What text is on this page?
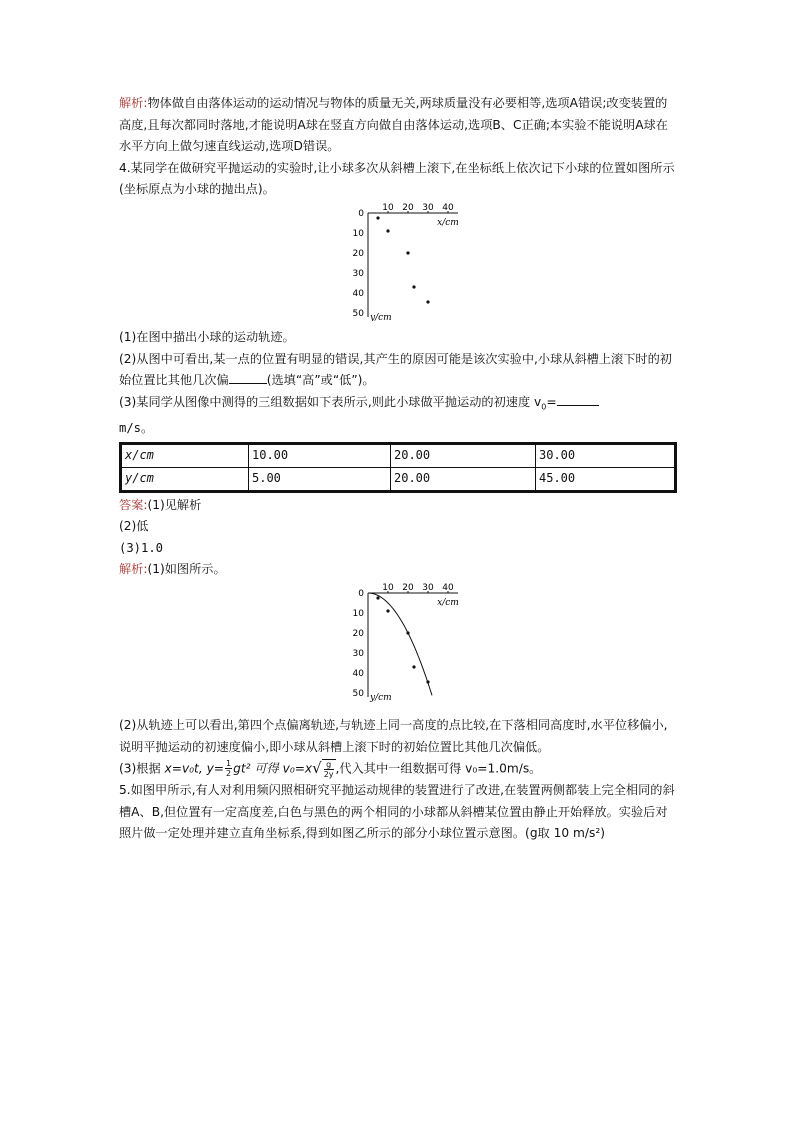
解析:物体做自由落体运动的运动情况与物体的质量无关,两球质量没有必要相等,选项A错误;改变装置的高度,且每次都同时落地,才能说明A球在竖直方向做自由落体运动,选项B、C正确;本实验不能说明A球在水平方向上做匀速直线运动,选项D错误。

4.某同学在做研究平抛运动的实验时,让小球多次从斜槽上滚下,在坐标纸上依次记下小球的位置如图所示(坐标原点为小球的抛出点)。

10 20 30 40
0
10
20
30
40
50
x/cm
y/cm

(1)在图中描出小球的运动轨迹。

(2)从图中可看出,某一点的位置有明显的错误,其产生的原因可能是该次实验中,小球从斜槽上滚下时的初始位置比其他几次偏	(选填“高”或“低”)。

(3)某同学从图像中测得的三组数据如下表所示,则此小球做平抛运动的初速度 $v_0=$
m/s。

x/cm	10.00	20.00	30.00
y/cm	5.00	20.00	45.00

答案:(1)见解析

(2)低

(3)1.0

解析:(1)如图所示。

10 20 30 40
0
10
20
30
40
50
x/cm
y/cm

(2)从轨迹上可以看出,第四个点偏离轨迹,与轨迹上同一高度的点比较,在下落相同高度时,水平位移偏小,说明平抛运动的初速度偏小,即小球从斜槽上滚下时的初始位置比其他几次偏低。

(3)根据 x=v₀t, $y= \frac{1}{2} gt^2$ 可得 $v_0=x√ \frac{g}{2y}$ ,代入其中一组数据可得 v₀=1.0m/s。

5.如图甲所示,有人对利用频闪照相研究平抛运动规律的装置进行了改进,在装置两侧都装上完全相同的斜槽A、B,但位置有一定高度差,白色与黑色的两个相同的小球都从斜槽某位置由静止开始释放。实验后对照片做一定处理并建立直角坐标系,得到如图乙所示的部分小球位置示意图。(g取 10 m/s²)
